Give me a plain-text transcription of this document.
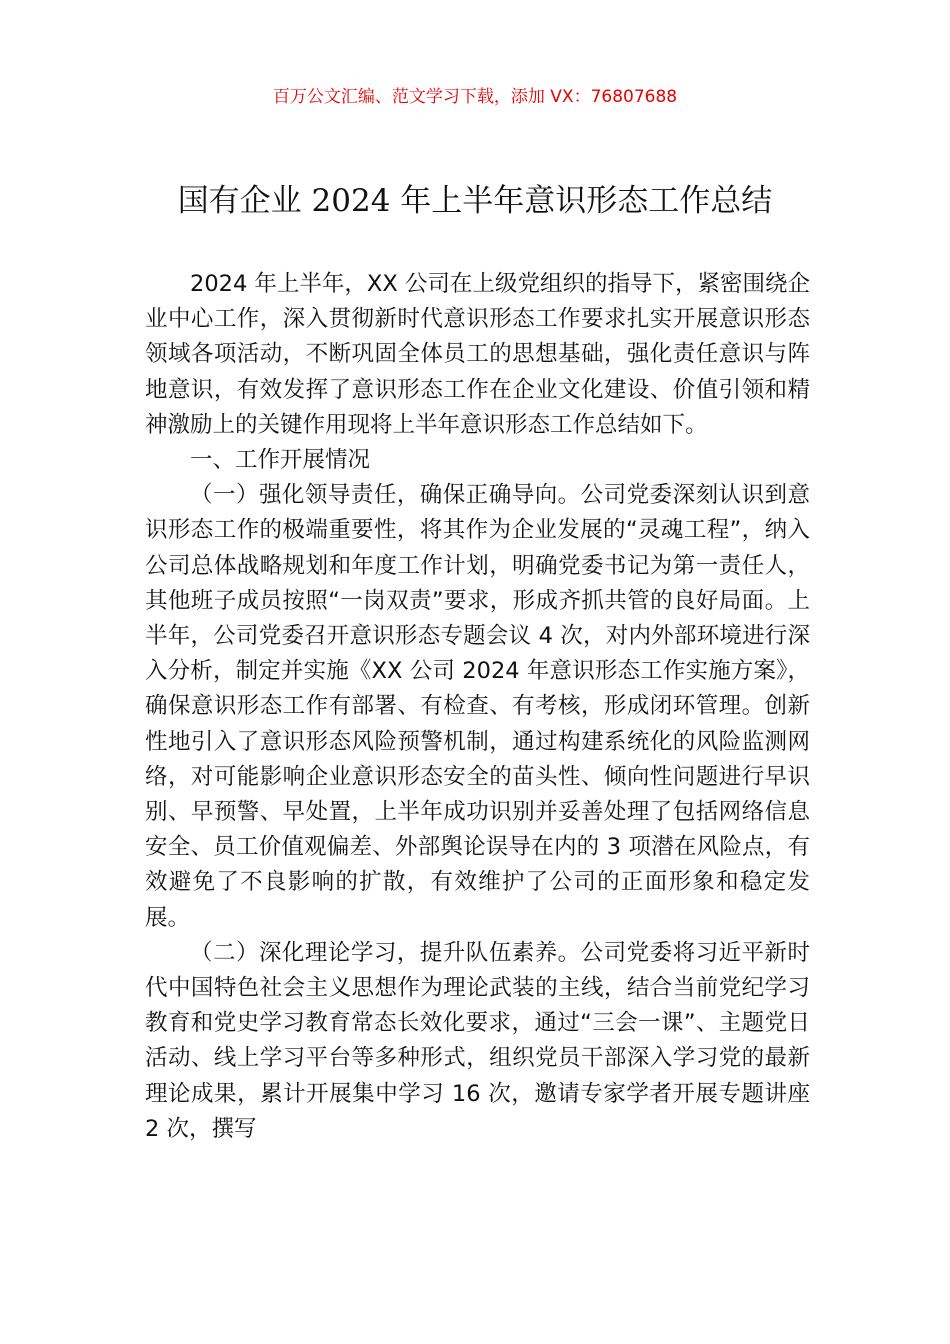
百万公文汇编、范文学习下载，添加 VX：76807688
国有企业 2024 年上半年意识形态工作总结

2024 年上半年，XX 公司在上级党组织的指导下，紧密围绕企业中心工作，深入贯彻新时代意识形态工作要求扎实开展意识形态领域各项活动，不断巩固全体员工的思想基础，强化责任意识与阵地意识，有效发挥了意识形态工作在企业文化建设、价值引领和精神激励上的关键作用现将上半年意识形态工作总结如下。

一、工作开展情况

（一）强化领导责任，确保正确导向。公司党委深刻认识到意识形态工作的极端重要性，将其作为企业发展的“灵魂工程”，纳入公司总体战略规划和年度工作计划，明确党委书记为第一责任人，其他班子成员按照“一岗双责”要求，形成齐抓共管的良好局面。上半年，公司党委召开意识形态专题会议 4 次，对内外部环境进行深入分析，制定并实施《XX 公司 2024 年意识形态工作实施方案》，确保意识形态工作有部署、有检查、有考核，形成闭环管理。创新性地引入了意识形态风险预警机制，通过构建系统化的风险监测网络，对可能影响企业意识形态安全的苗头性、倾向性问题进行早识别、早预警、早处置，上半年成功识别并妥善处理了包括网络信息安全、员工价值观偏差、外部舆论误导在内的 3 项潜在风险点，有效避免了不良影响的扩散，有效维护了公司的正面形象和稳定发展。

（二）深化理论学习，提升队伍素养。公司党委将习近平新时代中国特色社会主义思想作为理论武装的主线，结合当前党纪学习教育和党史学习教育常态长效化要求，通过“三会一课”、主题党日活动、线上学习平台等多种形式，组织党员干部深入学习党的最新理论成果，累计开展集中学习 16 次，邀请专家学者开展专题讲座 2 次，撰写
